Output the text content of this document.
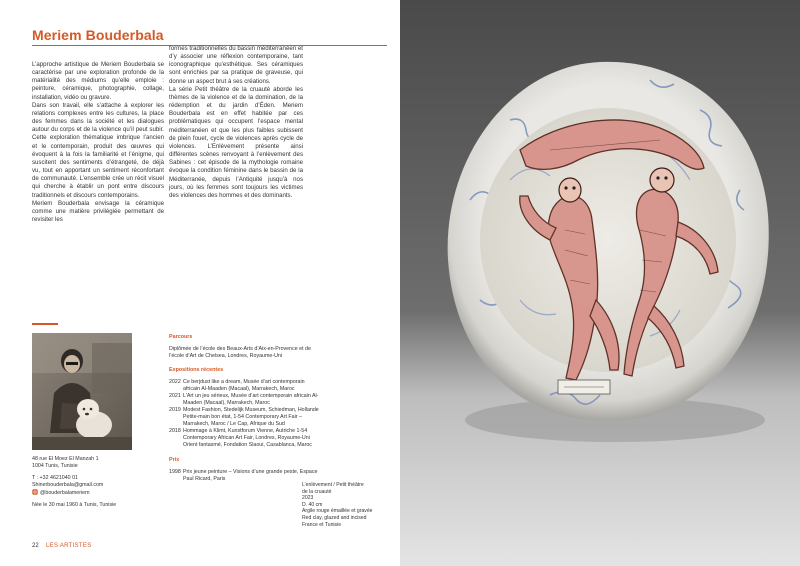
Meriem Bouderbala

L’approche artistique de Meriem Bouderbala se caractérise par une exploration profonde de la matérialité des médiums qu’elle emploie : peinture, céramique, photographie, collage, installation, vidéo ou gravure.

Dans son travail, elle s’attache à explorer les relations complexes entre les cultures, la place des femmes dans la société et les dialogues autour du corps et de la violence qu’il peut subir. Cette exploration thématique imbrique l’ancien et le contemporain, produit des œuvres qui évoquent à la fois la familiarité et l’énigme, qui suscitent des sentiments d’étrangeté, de déjà vu, tout en apportant un sentiment réconfortant de communauté. L’ensemble crée un récit visuel qui cherche à établir un pont entre discours traditionnels et discours contemporains.

Meriem Bouderbala envisage la céramique comme une matière privilégiée permettant de revisiter les

formes traditionnelles du bassin méditerranéen et d’y associer une réflexion contemporaine, tant iconographique qu’esthétique. Ses céramiques sont enrichies par sa pratique de graveuse, qui donne un aspect brut à ses créations.

La série Petit théâtre de la cruauté aborde les thèmes de la violence et de la domination, de la rédemption et du jardin d’Éden. Meriem Bouderbala est en effet habitée par ces problématiques qui occupent l’espace mental méditerranéen et que les plus faibles subissent de plein fouet, cycle de violences après cycle de violences. L’Enlèvement présente ainsi différentes scènes renvoyant à l’enlèvement des Sabines : cet épisode de la mythologie romaine évoque la condition féminine dans le bassin de la Méditerranée, depuis l’Antiquité jusqu’à nos jours, où les femmes sont toujours les victimes des violences des hommes et des dominants.

48 rue El Moez El Manzah 1
1004 Tunis, Tunisie
T : +32 4621040 01
Shinerbouderbala@gmail.com
@bouderbalameriem
Née le 30 mai 1960 à Tunis, Tunisie
Parcours
Diplômée de l’école des Beaux-Arts d’Aix-en-Provence et de l’école d’Art de Chelsea, Londres, Royaume-Uni
Expositions récentes
2022 Ce berjdust like a dream, Musée d’art contemporain africain Al-Maaden (Macaal), Marrakech, Maroc
2021 L’Art un jeu sérieux, Musée d’art contemporain africain Al-Maaden (Macaal), Marrakech, Maroc
2019 Modest Fashion, Stedelijk Museum, Schiedman, Hollande Petite-main bon état, 1-54 Contemporary Art Fair – Marrakech, Maroc / Le Cap, Afrique du Sud
2018 Hommage à Klimt, Kunstforum Vienne, Autriche 1-54 Contemporary African Art Fair, Londres, Royaume-Uni Orient fantasmé, Fondation Slaoui, Casablanca, Maroc
Prix
1998 Prix jeune peinture – Visions d’une grande peste, Espace Paul Ricard, Paris
L’enlèvement / Petit théâtre
de la cruauté
2023
D. 40 cm
Argile rouge émaillée et gravée
Red clay, glazed and incised
France et Tunisie
22 LES ARTISTES
